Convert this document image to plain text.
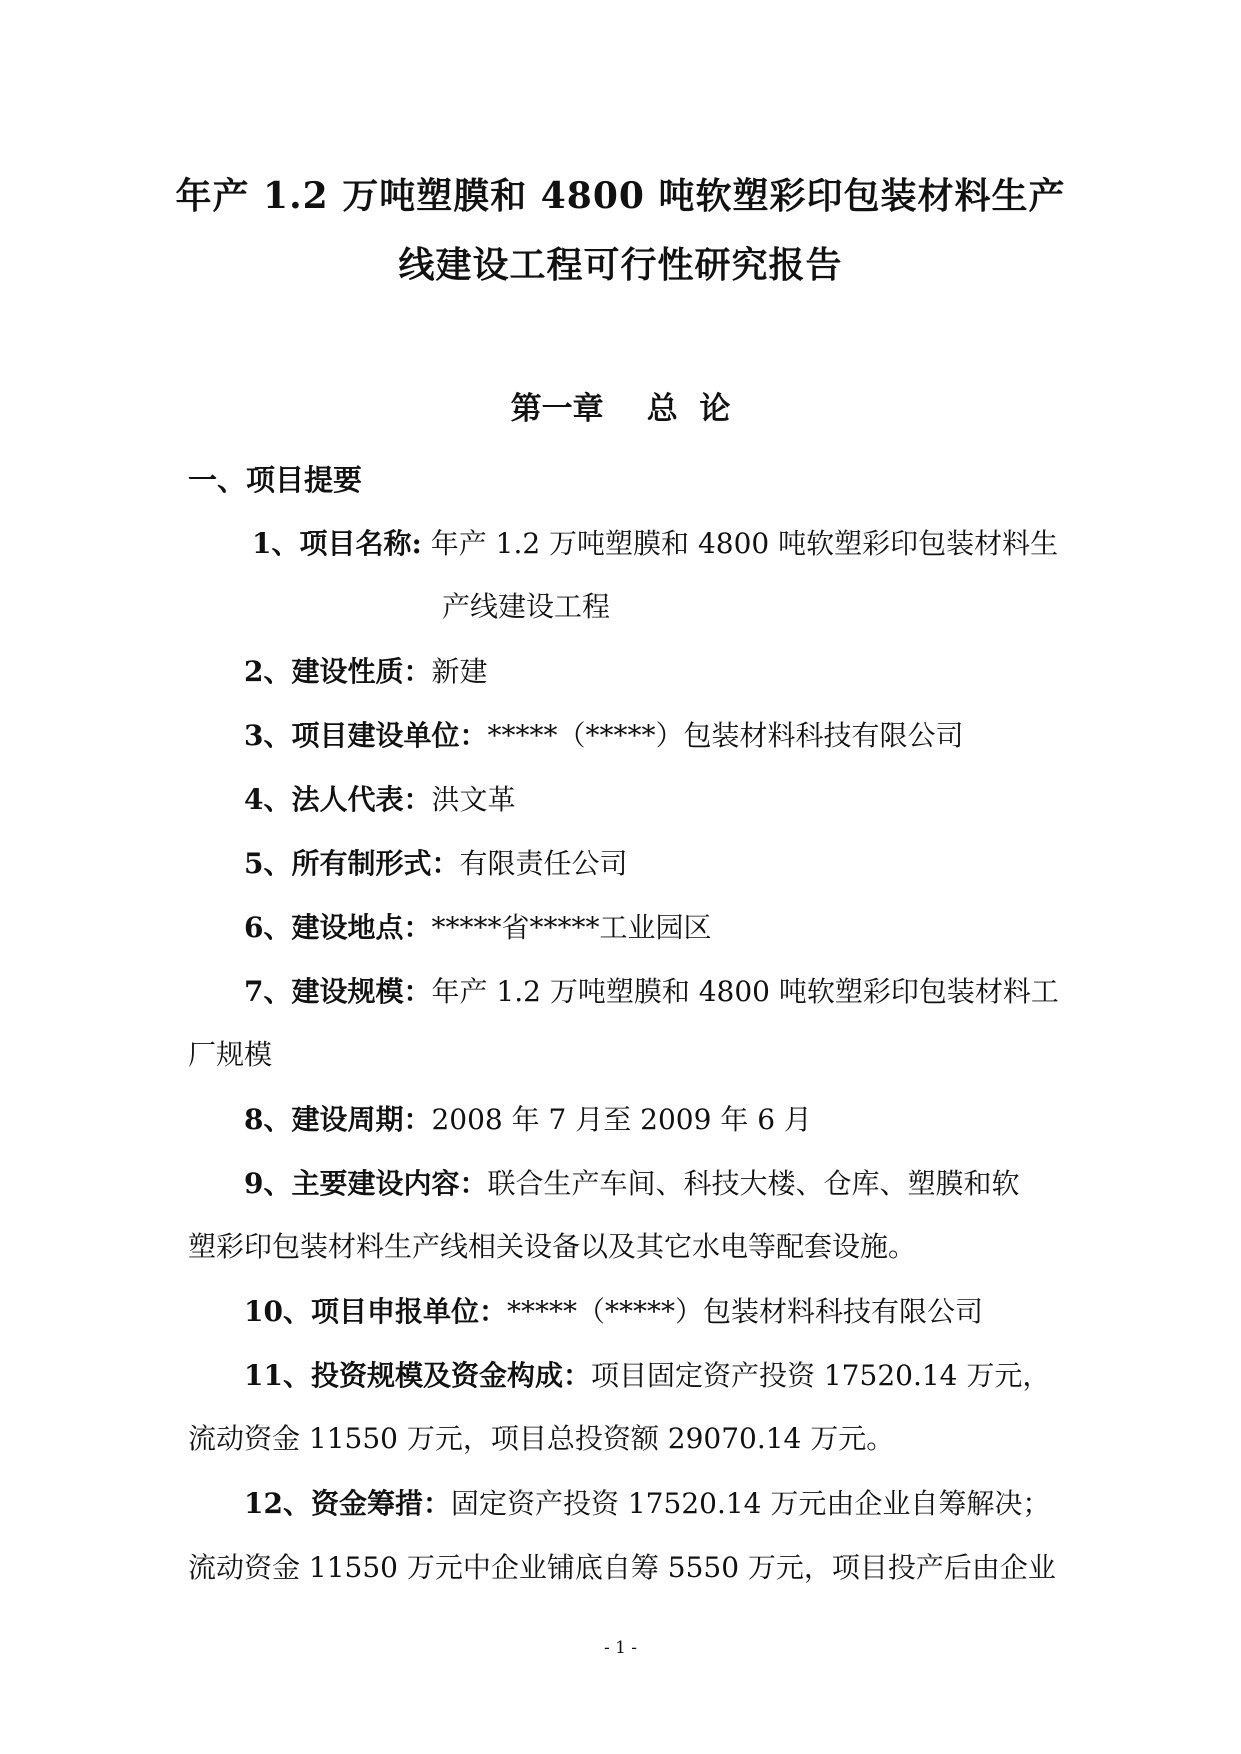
年产 1.2 万吨塑膜和 4800 吨软塑彩印包装材料生产
线建设工程可行性研究报告
第一章    总  论
一、项目提要
1、项目名称: 年产 1.2 万吨塑膜和 4800 吨软塑彩印包装材料生
产线建设工程
2、建设性质：新建
3、项目建设单位：*****（*****）包装材料科技有限公司
4、法人代表：洪文革
5、所有制形式：有限责任公司
6、建设地点：*****省*****工业园区
7、建设规模：年产 1.2 万吨塑膜和 4800 吨软塑彩印包装材料工
厂规模
8、建设周期：2008 年 7 月至 2009 年 6 月
9、主要建设内容：联合生产车间、科技大楼、仓库、塑膜和软
塑彩印包装材料生产线相关设备以及其它水电等配套设施。
10、项目申报单位：*****（*****）包装材料科技有限公司
11、投资规模及资金构成：项目固定资产投资 17520.14 万元，
流动资金 11550 万元，项目总投资额 29070.14 万元。
12、资金筹措：固定资产投资 17520.14 万元由企业自筹解决；
流动资金 11550 万元中企业铺底自筹 5550 万元，项目投产后由企业
- 1 -
